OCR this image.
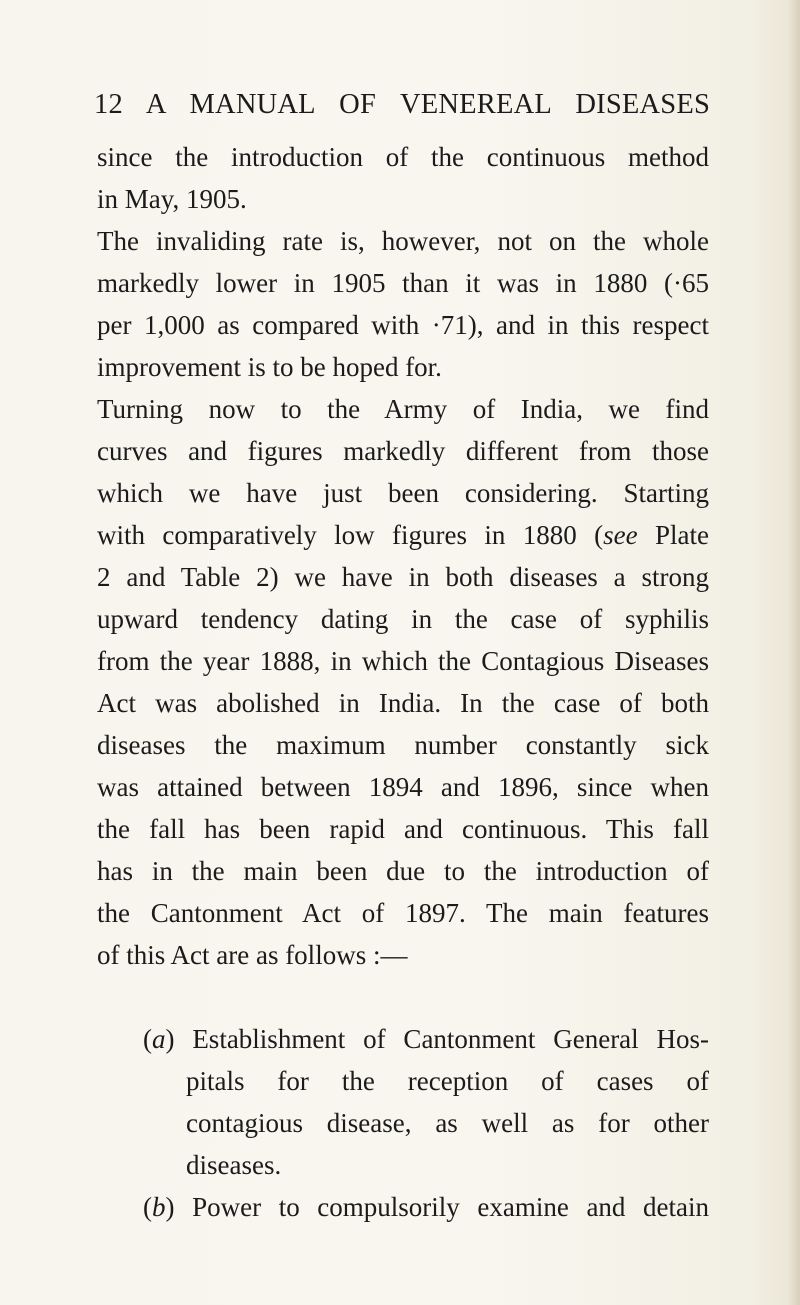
12 A MANUAL OF VENEREAL DISEASES

since the introduction of the continuous method

in May, 1905.

The invaliding rate is, however, not on the whole

markedly lower in 1905 than it was in 1880 (·65

per 1,000 as compared with ·71), and in this respect

improvement is to be hoped for.

Turning now to the Army of India, we find

curves and figures markedly different from those

which we have just been considering. Starting

with comparatively low figures in 1880 (see Plate

2 and Table 2) we have in both diseases a strong

upward tendency dating in the case of syphilis

from the year 1888, in which the Contagious Diseases

Act was abolished in India. In the case of both

diseases the maximum number constantly sick

was attained between 1894 and 1896, since when

the fall has been rapid and continuous. This fall

has in the main been due to the introduction of

the Cantonment Act of 1897. The main features

of this Act are as follows :—

(a) Establishment of Cantonment General Hos-

pitals for the reception of cases of

contagious disease, as well as for other

diseases.

(b) Power to compulsorily examine and detain
